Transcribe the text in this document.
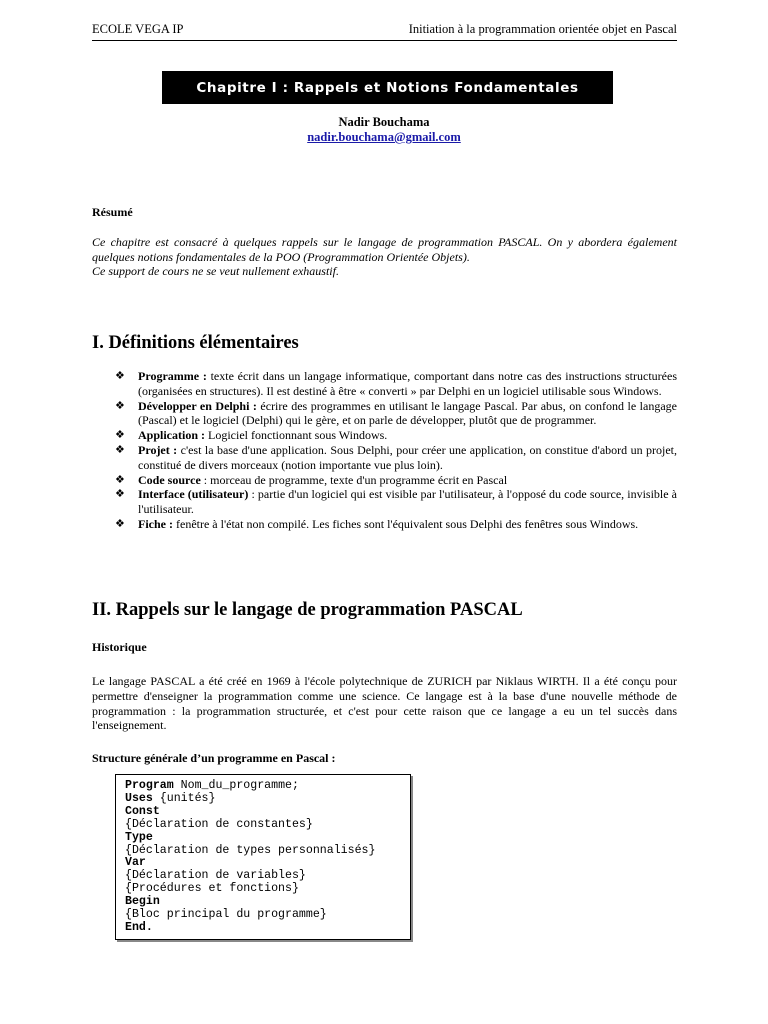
ECOLE VEGA IP	Initiation à la programmation orientée objet en Pascal
Chapitre I : Rappels et Notions Fondamentales
Nadir Bouchama
nadir.bouchama@gmail.com
Résumé

Ce chapitre est consacré à quelques rappels sur le langage de programmation PASCAL. On y abordera également quelques notions fondamentales de la POO (Programmation Orientée Objets).

Ce support de cours ne se veut nullement exhaustif.

I. Définitions élémentaires
❖ Programme : texte écrit dans un langage informatique, comportant dans notre cas des instructions structurées (organisées en structures). Il est destiné à être « converti » par Delphi en un logiciel utilisable sous Windows.
❖ Développer en Delphi : écrire des programmes en utilisant le langage Pascal. Par abus, on confond le langage (Pascal) et le logiciel (Delphi) qui le gère, et on parle de développer, plutôt que de programmer.
❖ Application : Logiciel fonctionnant sous Windows.
❖ Projet : c'est la base d'une application. Sous Delphi, pour créer une application, on constitue d'abord un projet, constitué de divers morceaux (notion importante vue plus loin).
❖ Code source : morceau de programme, texte d'un programme écrit en Pascal
❖ Interface (utilisateur) : partie d'un logiciel qui est visible par l'utilisateur, à l'opposé du code source, invisible à l'utilisateur.
❖ Fiche : fenêtre à l'état non compilé. Les fiches sont l'équivalent sous Delphi des fenêtres sous Windows.
II. Rappels sur le langage de programmation PASCAL
Historique

Le langage PASCAL a été créé en 1969 à l'école polytechnique de ZURICH par Niklaus WIRTH. Il a été conçu pour permettre d'enseigner la programmation comme une science. Ce langage est à la base d'une nouvelle méthode de programmation : la programmation structurée, et c'est pour cette raison que ce langage a eu un tel succès dans l'enseignement.

Structure générale d’un programme en Pascal :
Program Nom_du_programme;
Uses {unités}
Const
{Déclaration de constantes}
Type
{Déclaration de types personnalisés}
Var
{Déclaration de variables}
{Procédures et fonctions}
Begin
{Bloc principal du programme}
End.
